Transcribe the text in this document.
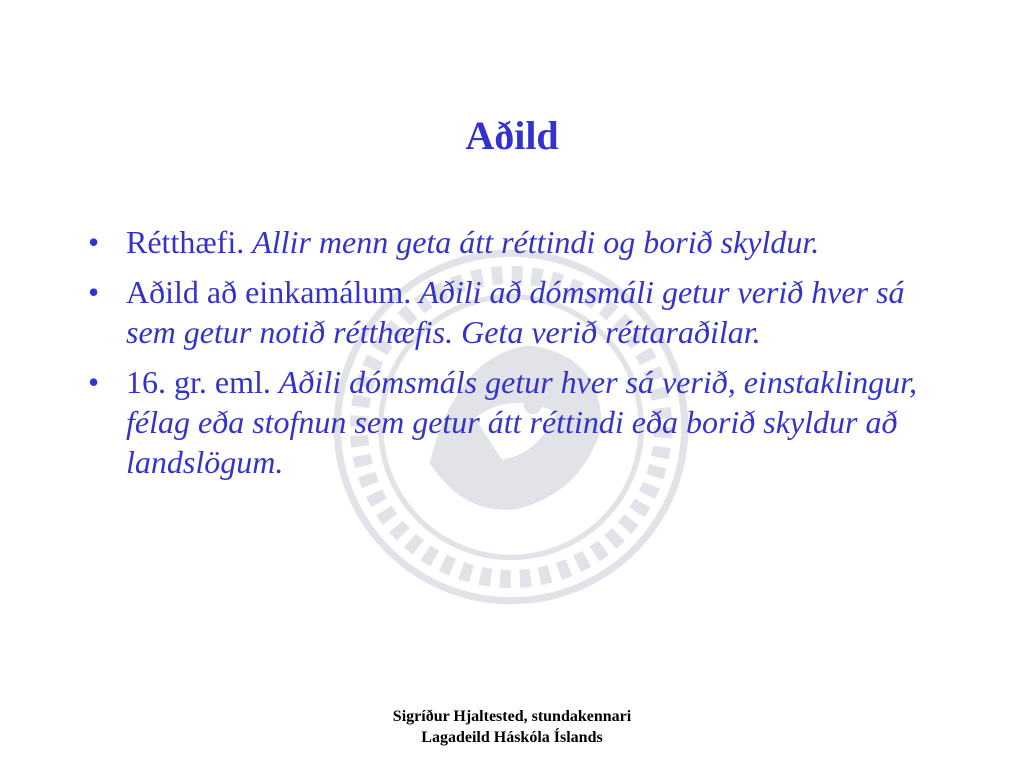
Aðild
• Rétthæfi. Allir menn geta átt réttindi og borið skyldur.
• Aðild að einkamálum. Aðili að dómsmáli getur verið hver sá sem getur notið rétthæfis. Geta verið réttaraðilar.
• 16. gr. eml. Aðili dómsmáls getur hver sá verið, einstaklingur, félag eða stofnun sem getur átt réttindi eða borið skyldur að landslögum.
Sigríður Hjaltested, stundakennari
Lagadeild Háskóla Íslands
